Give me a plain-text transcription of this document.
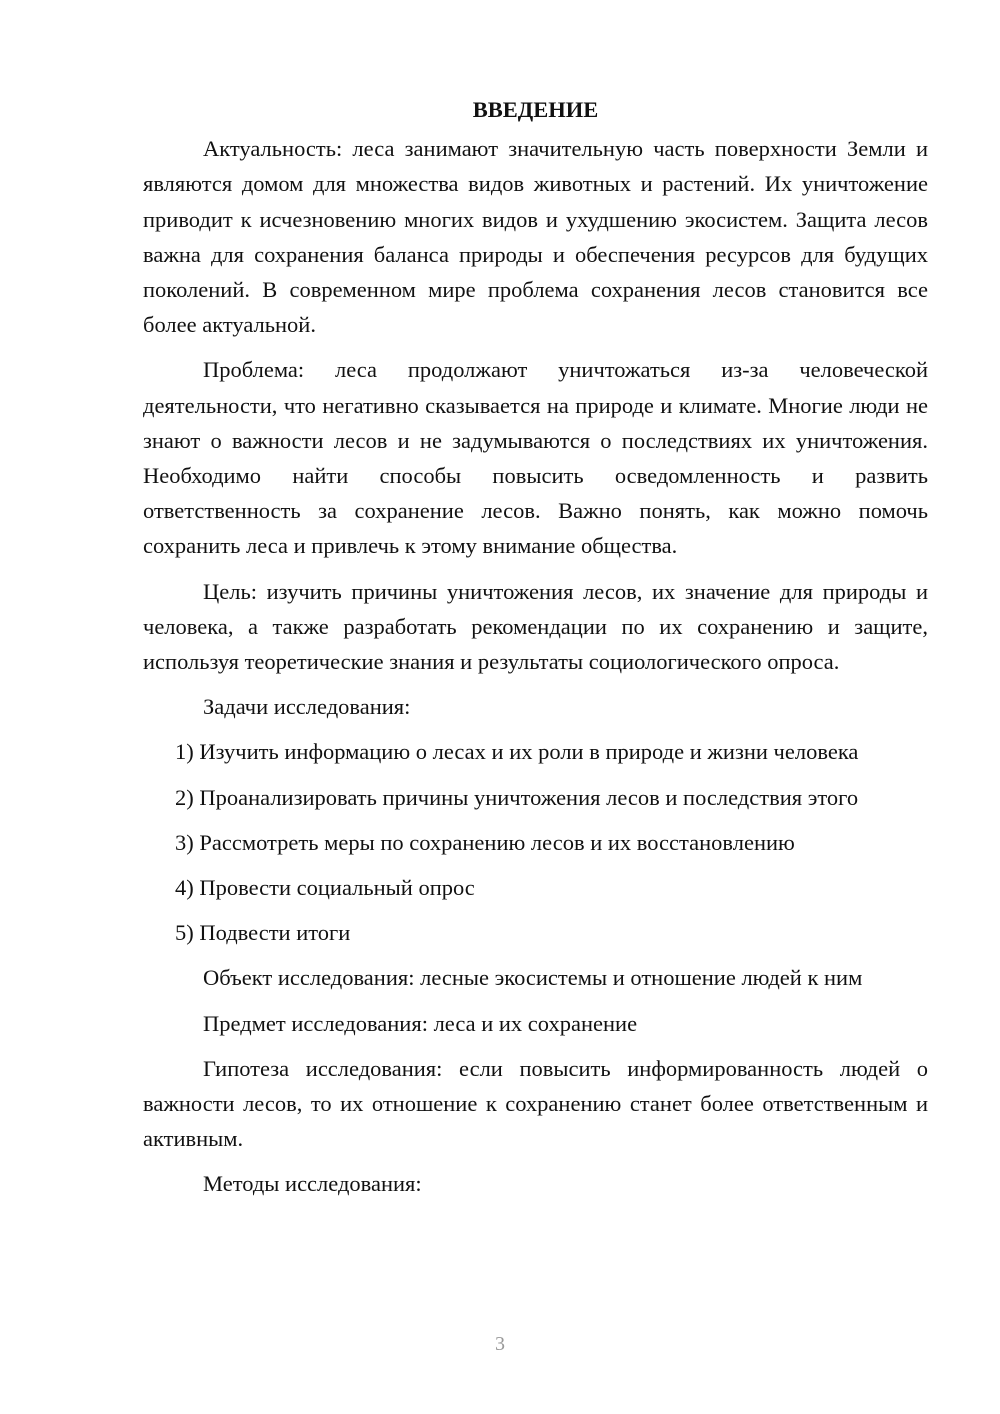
ВВЕДЕНИЕ

Актуальность: леса занимают значительную часть поверхности Земли и являются домом для множества видов животных и растений. Их уничтожение приводит к исчезновению многих видов и ухудшению экосистем. Защита лесов важна для сохранения баланса природы и обеспечения ресурсов для будущих поколений. В современном мире проблема сохранения лесов становится все более актуальной.

Проблема: леса продолжают уничтожаться из-за человеческой деятельности, что негативно сказывается на природе и климате. Многие люди не знают о важности лесов и не задумываются о последствиях их уничтожения. Необходимо найти способы повысить осведомленность и развить ответственность за сохранение лесов. Важно понять, как можно помочь сохранить леса и привлечь к этому внимание общества.

Цель: изучить причины уничтожения лесов, их значение для природы и человека, а также разработать рекомендации по их сохранению и защите, используя теоретические знания и результаты социологического опроса.

Задачи исследования:

1) Изучить информацию о лесах и их роли в природе и жизни человека

2) Проанализировать причины уничтожения лесов и последствия этого

3) Рассмотреть меры по сохранению лесов и их восстановлению

4) Провести социальный опрос

5) Подвести итоги

Объект исследования: лесные экосистемы и отношение людей к ним

Предмет исследования: леса и их сохранение

Гипотеза исследования: если повысить информированность людей о важности лесов, то их отношение к сохранению станет более ответственным и активным.

Методы исследования:

3
